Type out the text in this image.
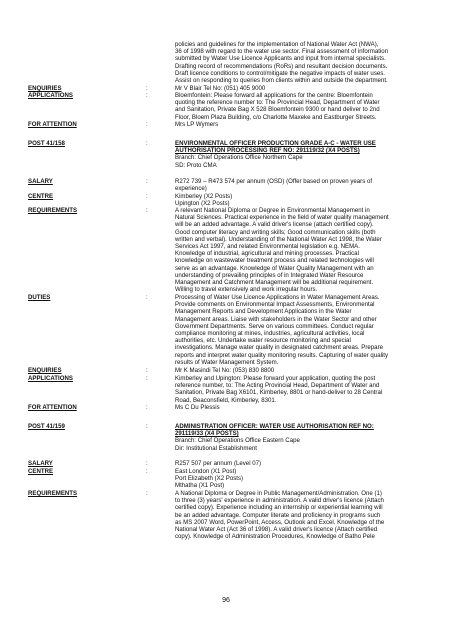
policies and guidelines for the implementation of National Water Act (NWA),

36 of 1998 with regard to the water use sector. Final assessment of information

submitted by Water Use Licence Applicants and input from internal specialists.

Drafting record of recommendations (RoRs) and resultant decision documents.

Draft licence conditions to control/mitigate the negative impacts of water uses.

Assist on responding to queries from clients within and outside the department.

ENQUIRIES	:	Mr V Blair Tel No: (051) 405 9000

APPLICATIONS	:	Bloemfontein: Please forward all applications for the centre: Bloemfontein

quoting the reference number to: The Provincial Head, Department of Water

and Sanitation, Private Bag X 528 Bloemfontein 9300 or hand deliver to 2nd

Floor, Bloem Plaza Building, c/o Charlotte Maxeke and Eastburger Streets.

FOR ATTENTION	:	Mrs LP Wymers

POST 41/158	:	ENVIRONMENTAL OFFICER PRODUCTION GRADE A-C - WATER USE

AUTHORISATION PROCESSING REF NO: 291119/32 (X4 POSTS)

Branch: Chief Operations Office Northern Cape

SD: Proto CMA

SALARY	:	R272 739 – R473 574 per annum (OSD) (Offer based on proven years of

experience)

CENTRE	:	Kimberley (X2 Posts)

Upington (X2 Posts)

REQUIREMENTS	:	A relevant National Diploma or Degree in Environmental Management in

Natural Sciences. Practical experience in the field of water quality management

will be an added advantage. A valid driver's license (attach certified copy).

Good computer literacy and writing skills; Good communication skills (both

written and verbal). Understanding of the National Water Act 1998, the Water

Services Act 1997, and related Environmental legislation e.g. NEMA.

Knowledge of industrial, agricultural and mining processes. Practical

knowledge on wastewater treatment process and related technologies will

serve as an advantage. Knowledge of Water Quality Management with an

understanding of prevailing principles of in Integrated Water Resource

Management and Catchment Management will be additional requirement.

Willing to travel extensively and work irregular hours.

DUTIES	:	Processing of Water Use Licence Applications in Water Management Areas.

Provide comments on Environmental Impact Assessments, Environmental

Management Reports and Development Applications in the Water

Management areas. Liaise with stakeholders in the Water Sector and other

Government Departments. Serve on various committees. Conduct regular

compliance monitoring at mines, industries, agricultural activities, local

authorities, etc. Undertake water resource monitoring and special

investigations. Manage water quality in designated catchment areas. Prepare

reports and interpret water quality monitoring results. Capturing of water quality

results of Water Management System.

ENQUIRIES	:	Mr K Masindi Tel No: (053) 830 8800

APPLICATIONS	:	Kimberley and Upington: Please forward your application, quoting the post

reference number, to: The Acting Provincial Head, Department of Water and

Sanitation, Private Bag X6101, Kimberley, 8801 or hand-deliver to 28 Central

Road, Beaconsfield, Kimberley, 8301.

FOR ATTENTION	:	Ms C Du Plessis

POST 41/159	:	ADMINISTRATION OFFICER: WATER USE AUTHORISATION REF NO:

291119/33 (X4 POSTS)

Branch: Chief Operations Office Eastern Cape

Dir: Institutional Establishment

SALARY	:	R257 507 per annum (Level 07)

CENTRE	:	East London (X1 Post)

Port Elizabeth (X2 Posts)

Mthatha (X1 Post)

REQUIREMENTS	:	A National Diploma or Degree in Public Management/Administration. One (1)

to three (3) years' experience in administration. A valid driver's licence (Attach

certified copy). Experience including an internship or experiential learning will

be an added advantage. Computer literate and proficiency in programs such

as MS 2007 Word, PowerPoint, Access, Outlook and Excel. Knowledge of the

National Water Act (Act 36 of 1998). A valid driver's licence (Attach certified

copy). Knowledge of Administration Procedures, Knowledge of Batho Pele

96
